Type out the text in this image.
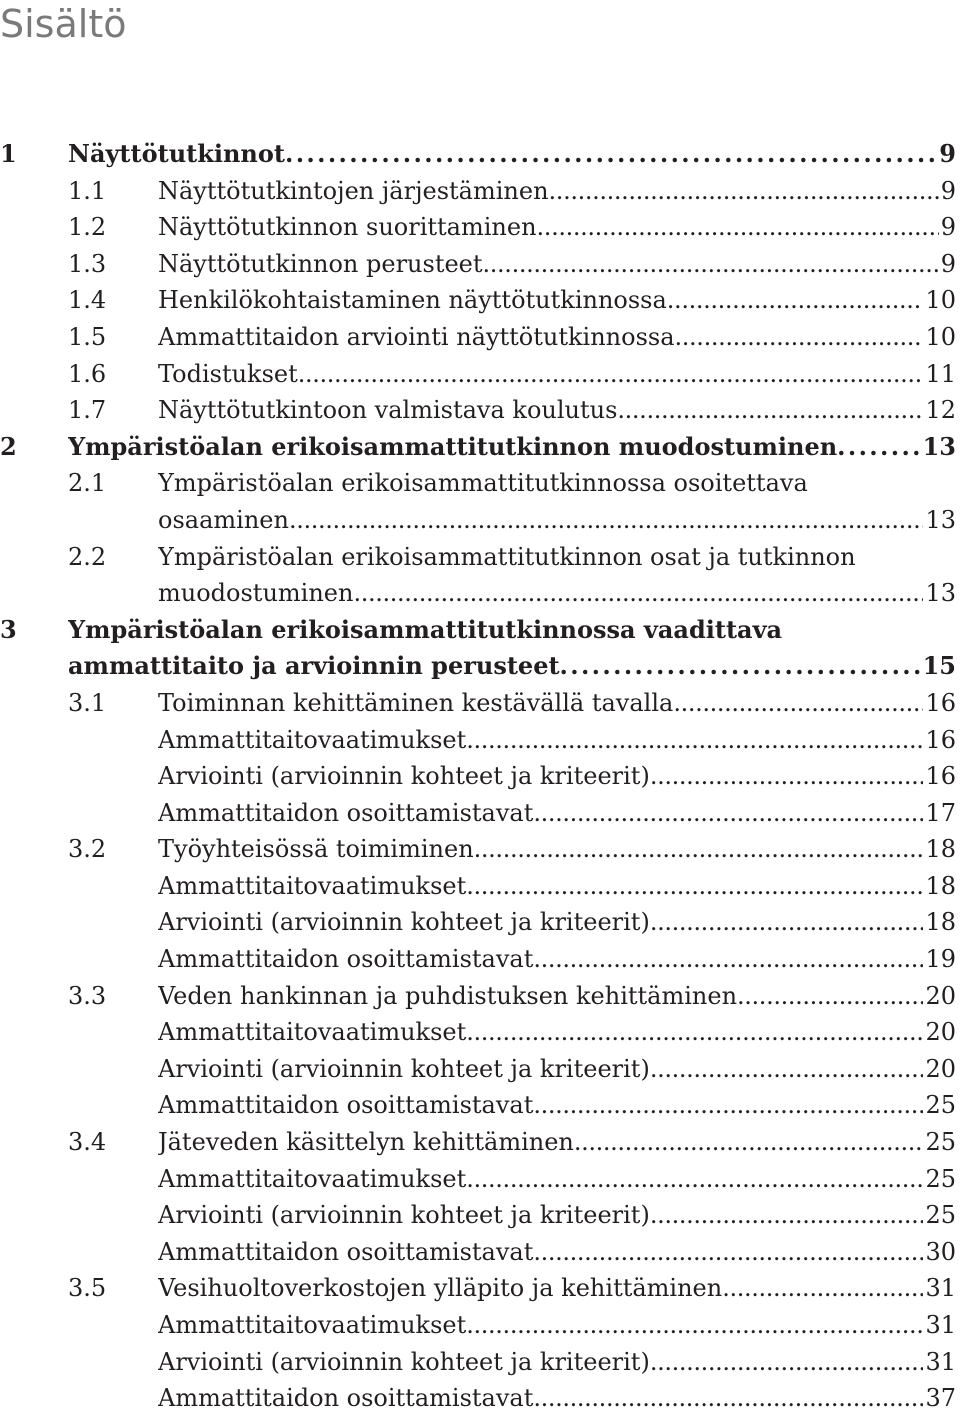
Sisältö
1 Näyttötutkinnot . . .	9
1.1 Näyttötutkintojen järjestäminen . . .	9
1.2 Näyttötutkinnon suorittaminen . . .	9
1.3 Näyttötutkinnon perusteet . . .	9
1.4 Henkilökohtaistaminen näyttötutkinnossa . . .	10
1.5 Ammattitaidon arviointi näyttötutkinnossa . . .	10
1.6 Todistukset . . .	11
1.7 Näyttötutkintoon valmistava koulutus . . .	12
2 Ympäristöalan erikoisammattitutkinnon muodostuminen . . .	13
2.1 Ympäristöalan erikoisammattitutkinnossa osoitettava
osaaminen . . .	13
2.2 Ympäristöalan erikoisammattitutkinnon osat ja tutkinnon
muodostuminen . . .	13
3 Ympäristöalan erikoisammattitutkinnossa vaadittava
ammattitaito ja arvioinnin perusteet . . .	15
3.1 Toiminnan kehittäminen kestävällä tavalla . . .	16
Ammattitaitovaatimukset . . .	16
Arviointi (arvioinnin kohteet ja kriteerit) . . .	16
Ammattitaidon osoittamistavat . . .	17
3.2 Työyhteisössä toimiminen . . .	18
Ammattitaitovaatimukset . . .	18
Arviointi (arvioinnin kohteet ja kriteerit) . . .	18
Ammattitaidon osoittamistavat . . .	19
3.3 Veden hankinnan ja puhdistuksen kehittäminen . . .	20
Ammattitaitovaatimukset . . .	20
Arviointi (arvioinnin kohteet ja kriteerit) . . .	20
Ammattitaidon osoittamistavat . . .	25
3.4 Jäteveden käsittelyn kehittäminen . . .	25
Ammattitaitovaatimukset . . .	25
Arviointi (arvioinnin kohteet ja kriteerit) . . .	25
Ammattitaidon osoittamistavat . . .	30
3.5 Vesihuoltoverkostojen ylläpito ja kehittäminen . . .	31
Ammattitaitovaatimukset . . .	31
Arviointi (arvioinnin kohteet ja kriteerit) . . .	31
Ammattitaidon osoittamistavat . . .	37
